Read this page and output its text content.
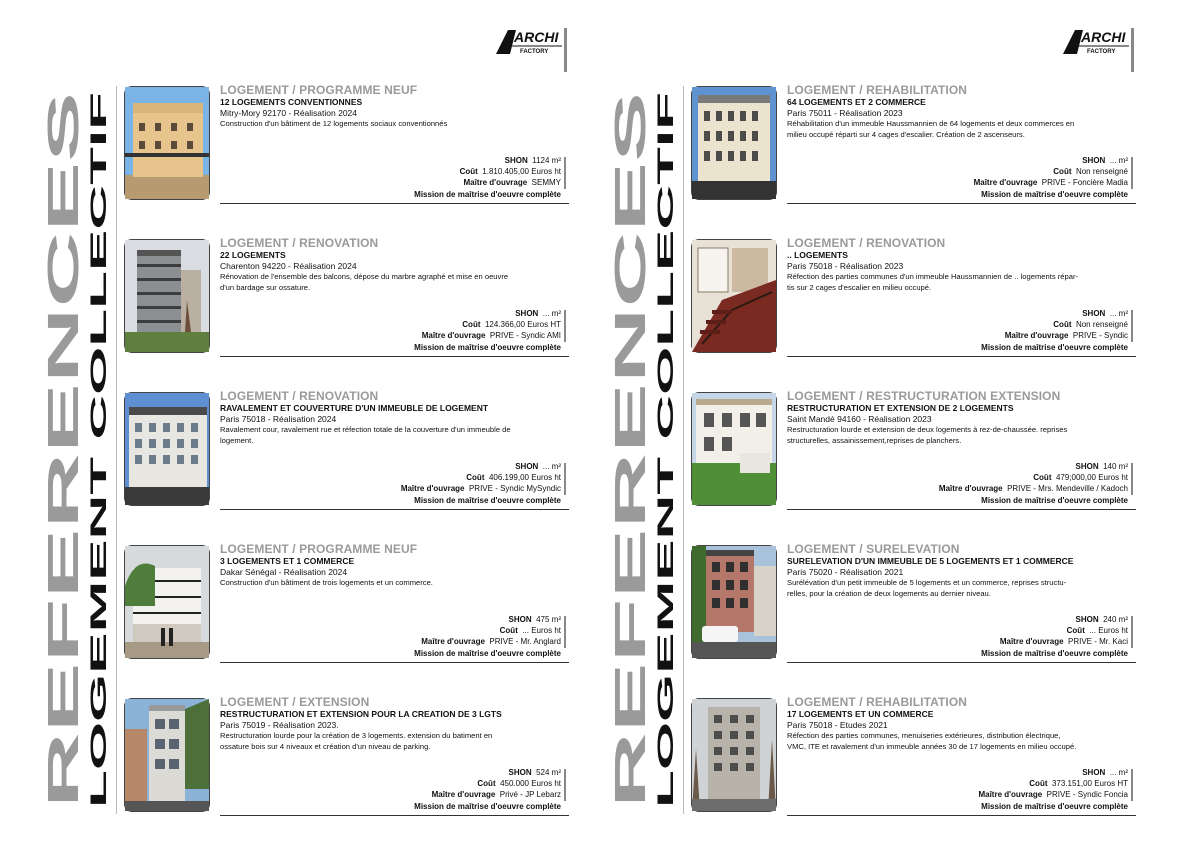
ARCHI
FACTORY
REFERENCES
LOGEMENT COLLECTIF
LOGEMENT / PROGRAMME NEUF
12 LOGEMENTS CONVENTIONNES
Mitry-Mory 92170 - Réalisation 2024
Construction d'un bâtiment de 12 logements sociaux conventionnés
SHON 1124 m²
Coût 1.810.405,00 Euros ht
Maître d'ouvrage SEMMY
Mission de maîtrise d'oeuvre complète
LOGEMENT / RENOVATION
22 LOGEMENTS
Charenton 94220 - Réalisation 2024
Rénovation de l'ensemble des balcons, dépose du marbre agraphé et mise en oeuvre
d'un bardage sur ossature.
SHON ... m²
Coût 124.366,00 Euros HT
Maître d'ouvrage PRIVE - Syndic AMI
Mission de maîtrise d'oeuvre complète
LOGEMENT / RENOVATION
RAVALEMENT ET COUVERTURE D'UN IMMEUBLE DE LOGEMENT
Paris 75018 - Réalisation 2024
Ravalement cour, ravalement rue et réfection totale de la couverture d'un immeuble de
logement.
SHON ... m²
Coût 406.199,00 Euros ht
Maître d'ouvrage PRIVE - Syndic MySyndic
Mission de maîtrise d'oeuvre complète
LOGEMENT / PROGRAMME NEUF
3 LOGEMENTS ET 1 COMMERCE
Dakar Sénégal - Réalisation 2024
Construction d'un bâtiment de trois logements et un commerce.
SHON 475 m²
Coût ... Euros ht
Maître d'ouvrage PRIVE - Mr. Anglard
Mission de maîtrise d'oeuvre complète
LOGEMENT / EXTENSION
RESTRUCTURATION ET EXTENSION POUR LA CREATION DE 3 LGTS
Paris 75019 - Réalisation 2023.
Restructuration lourde pour la création de 3 logements. extension du batiment en
ossature bois sur 4 niveaux et création d'un niveau de parking.
SHON 524 m²
Coût 450.000 Euros ht
Maître d'ouvrage Privé - JP Lebarz
Mission de maîtrise d'oeuvre complète
ARCHI
FACTORY
REFERENCES
LOGEMENT COLLECTIF
LOGEMENT / REHABILITATION
64 LOGEMENTS ET 2 COMMERCE
Paris 75011 - Réalisation 2023
Réhabilitation d'un immeuble Haussmannien de 64 logements et deux commerces en
milieu occupé réparti sur 4 cages d'escalier. Création de 2 ascenseurs.
SHON ... m²
Coût Non renseigné
Maître d'ouvrage PRIVE - Foncière Madia
Mission de maîtrise d'oeuvre complète
LOGEMENT / RENOVATION
.. LOGEMENTS
Paris 75018 - Réalisation 2023
Réfection des parties communes d'un immeuble Haussmannien de .. logements répar-
tis sur 2 cages d'escalier en milieu occupé.
SHON ... m²
Coût Non renseigné
Maître d'ouvrage PRIVE - Syndic
Mission de maîtrise d'oeuvre complète
LOGEMENT / RESTRUCTURATION EXTENSION
RESTRUCTURATION ET EXTENSION DE 2 LOGEMENTS
Saint Mandé 94160 - Réalisation 2023
Restructuration lourde et extension de deux logements à rez-de-chaussée. reprises
structurelles, assainissement,reprises de planchers.
SHON 140 m²
Coût 479;000,00 Euros ht
Maître d'ouvrage PRIVE - Mrs. Mendeville / Kadoch
Mission de maîtrise d'oeuvre complète
LOGEMENT / SURELEVATION
SURELEVATION D'UN IMMEUBLE DE 5 LOGEMENTS ET 1 COMMERCE
Paris 75020 - Réalisation 2021
Surélévation d'un petit immeuble de 5 logements et un commerce, reprises structu-
relles, pour la création de deux logements au dernier niveau.
SHON 240 m²
Coût ... Euros ht
Maître d'ouvrage PRIVE - Mr. Kaci
Mission de maîtrise d'oeuvre complète
LOGEMENT / REHABILITATION
17 LOGEMENTS ET UN COMMERCE
Paris 75018 - Etudes 2021
Réfection des parties communes, menuiseries extérieures, distribution électrique,
VMC, ITE et ravalement d'un immeuble années 30 de 17 logements en milieu occupé.
SHON ... m²
Coût 373.151,00 Euros HT
Maître d'ouvrage PRIVE - Syndic Foncia
Mission de maîtrise d'oeuvre complète
